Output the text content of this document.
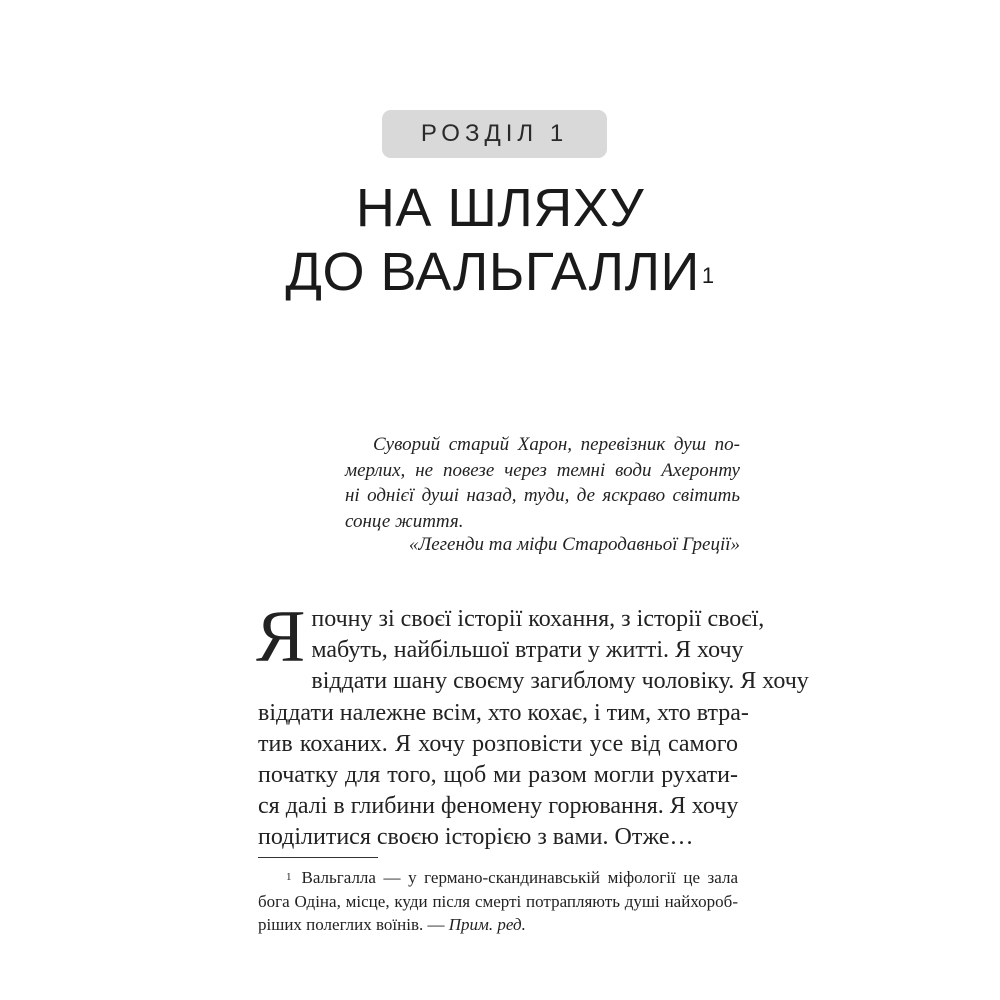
РОЗДІЛ 1
НА ШЛЯХУ
ДО ВАЛЬГАЛЛИ$^1$
Суворий старий Харон, перевізник душ по-
мерлих, не повезе через темні води Ахеронту
ні однієї душі назад, туди, де яскраво світить
сонце життя.
«Легенди та міфи Стародавньої Греції»
Я почну зі своєї історії кохання, з історії своєї,
мабуть, найбільшої втрати у житті. Я хочу
віддати шану своєму загиблому чоловіку. Я хочу
віддати належне всім, хто кохає, і тим, хто втра-
тив коханих. Я хочу розповісти усе від самого
початку для того, щоб ми разом могли рухати-
ся далі в глибини феномену горювання. Я хочу
поділитися своєю історією з вами. Отже…
$^1$ Вальгалла — у германо-скандинавській міфології це зала
бога Одіна, місце, куди після смерті потрапляють душі найхороб-
ріших полеглих воїнів. — Прим. ред.
